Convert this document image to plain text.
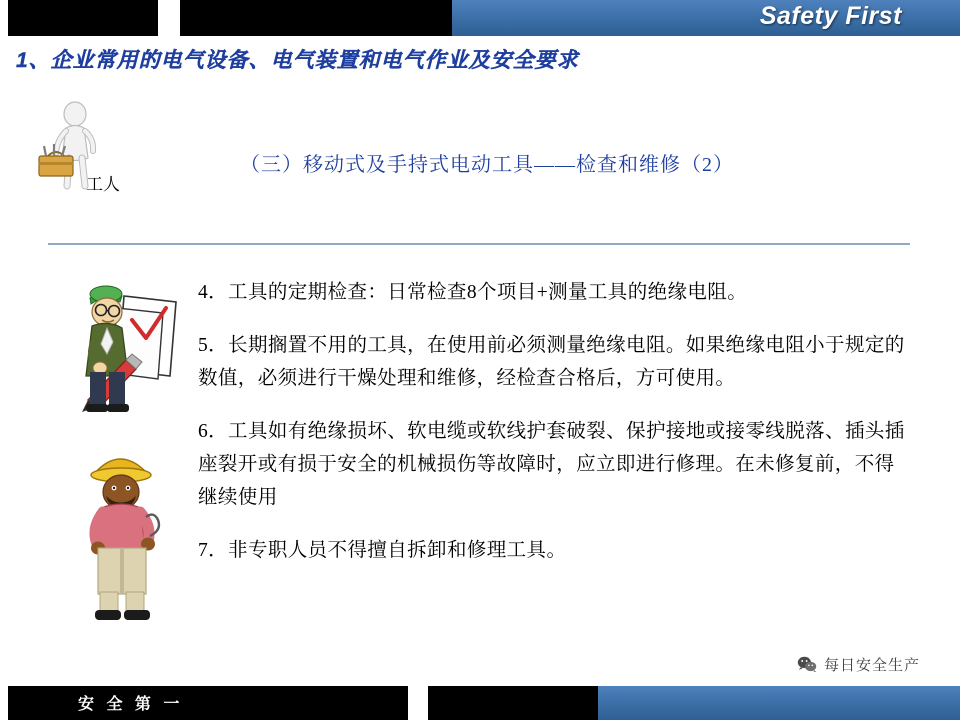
Safety First
1、企业常用的电气设备、电气装置和电气作业及安全要求
工人
（三）移动式及手持式电动工具——检查和维修（2）
4．工具的定期检查：日常检查8个项目+测量工具的绝缘电阻。
5．长期搁置不用的工具，在使用前必须测量绝缘电阻。如果绝缘电阻小于规定的数值，必须进行干燥处理和维修，经检查合格后，方可使用。
6．工具如有绝缘损坏、软电缆或软线护套破裂、保护接地或接零线脱落、插头插座裂开或有损于安全的机械损伤等故障时，应立即进行修理。在未修复前，不得继续使用
7．非专职人员不得擅自拆卸和修理工具。
每日安全生产
安 全 第 一
